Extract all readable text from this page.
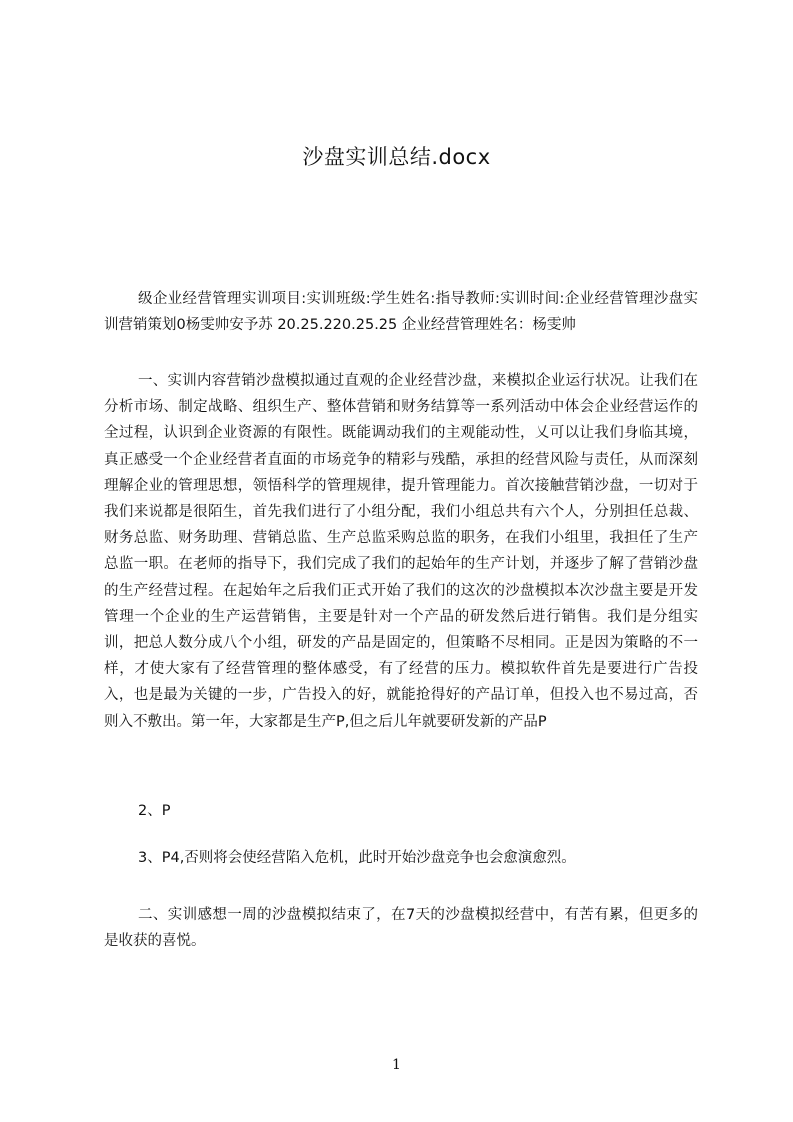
沙盘实训总结.docx

级企业经营管理实训项目:实训班级:学生姓名:指导教师:实训时间:企业经营管理沙盘实训营销策划0杨雯帅安予苏 20.25.220.25.25 企业经营管理姓名：杨雯帅

一、实训内容营销沙盘模拟通过直观的企业经营沙盘，来模拟企业运行状况。让我们在分析市场、制定战略、组织生产、整体营销和财务结算等一系列活动中体会企业经营运作的全过程，认识到企业资源的有限性。既能调动我们的主观能动性，乂可以让我们身临其境，真正感受一个企业经营者直面的市场竞争的精彩与残酷，承担的经营风险与责任，从而深刻理解企业的管理思想，领悟科学的管理规律，提升管理能力。首次接触营销沙盘，一切对于我们来说都是很陌生，首先我们进行了小组分配，我们小组总共有六个人，分别担任总裁、财务总监、财务助理、营销总监、生产总监采购总监的职务，在我们小组里，我担任了生产总监一职。在老师的指导下，我们完成了我们的起始年的生产计划，并逐步了解了营销沙盘的生产经营过程。在起始年之后我们正式开始了我们的这次的沙盘模拟本次沙盘主要是开发管理一个企业的生产运营销售，主要是针对一个产品的研发然后进行销售。我们是分组实训，把总人数分成八个小组，研发的产品是固定的，但策略不尽相同。正是因为策略的不一样，才使大家有了经营管理的整体感受，有了经营的压力。模拟软件首先是要进行广告投入，也是最为关键的一步，广告投入的好，就能抢得好的产品订单，但投入也不易过高，否则入不敷出。第一年，大家都是生产P,但之后儿年就要研发新的产品P

2、P

3、P4,否则将会使经营陷入危机，此时开始沙盘竞争也会愈演愈烈。

二、实训感想一周的沙盘模拟结束了，在7天的沙盘模拟经营中，有苦有累，但更多的是收获的喜悦。

1
